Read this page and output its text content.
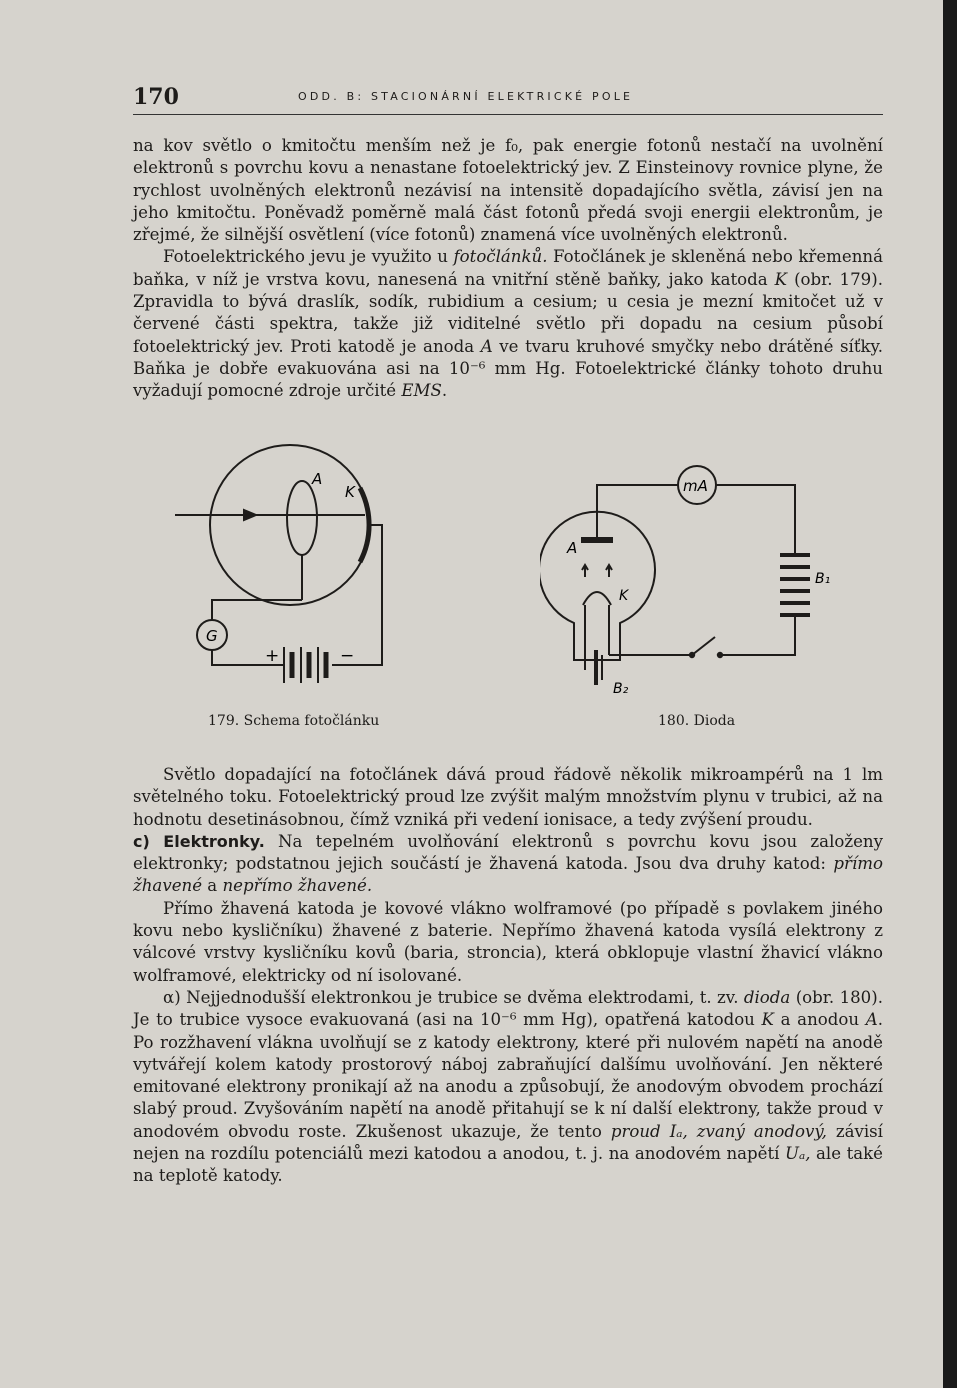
170	ODD. B: STACIONÁRNÍ ELEKTRICKÉ POLE

na kov světlo o kmitočtu menším než je f₀, pak energie fotonů nestačí na uvolnění elektronů s povrchu kovu a nenastane fotoelektrický jev. Z Einsteinovy rovnice plyne, že rychlost uvolněných elektronů nezávisí na intensitě dopadajícího světla, závisí jen na jeho kmitočtu. Poněvadž poměrně malá část fotonů předá svoji energii elektronům, je zřejmé, že silnější osvětlení (více fotonů) znamená více uvolněných elektronů.

Fotoelektrického jevu je využito u fotočlánků. Fotočlánek je skleněná nebo křemenná baňka, v níž je vrstva kovu, nanesená na vnitřní stěně baňky, jako katoda K (obr. 179). Zpravidla to bývá draslík, sodík, rubidium a cesium; u cesia je mezní kmitočet už v červené části spektra, takže již viditelné světlo při dopadu na cesium působí fotoelektrický jev. Proti katodě je anoda A ve tvaru kruhové smyčky nebo drátěné síťky. Baňka je dobře evakuována asi na 10⁻⁶ mm Hg. Fotoelektrické články tohoto druhu vyžadují pomocné zdroje určité EMS.

A
K
G
+	−
179. Schema fotočlánku
mA
A
K
B₁
B₂
180. Dioda

Světlo dopadající na fotočlánek dává proud řádově několik mikroampérů na 1 lm světelného toku. Fotoelektrický proud lze zvýšit malým množstvím plynu v trubici, až na hodnotu desetinásobnou, čímž vzniká při vedení ionisace, a tedy zvýšení proudu.

c) Elektronky. Na tepelném uvolňování elektronů s povrchu kovu jsou založeny elektronky; podstatnou jejich součástí je žhavená katoda. Jsou dva druhy katod: přímo žhavené a nepřímo žhavené.

Přímo žhavená katoda je kovové vlákno wolframové (po případě s povlakem jiného kovu nebo kysličníku) žhavené z baterie. Nepřímo žhavená katoda vysílá elektrony z válcové vrstvy kysličníku kovů (baria, stroncia), která obklopuje vlastní žhavicí vlákno wolframové, elektricky od ní isolované.

α) Nejjednodušší elektronkou je trubice se dvěma elektrodami, t. zv. dioda (obr. 180). Je to trubice vysoce evakuovaná (asi na 10⁻⁶ mm Hg), opatřená katodou K a anodou A. Po rozžhavení vlákna uvolňují se z katody elektrony, které při nulovém napětí na anodě vytvářejí kolem katody prostorový náboj zabraňující dalšímu uvolňování. Jen některé emitované elektrony pronikají až na anodu a způsobují, že anodovým obvodem prochází slabý proud. Zvyšováním napětí na anodě přitahují se k ní další elektrony, takže proud v anodovém obvodu roste. Zkušenost ukazuje, že tento proud Iₐ, zvaný anodový, závisí nejen na rozdílu potenciálů mezi katodou a anodou, t. j. na anodovém napětí Uₐ, ale také na teplotě katody.
